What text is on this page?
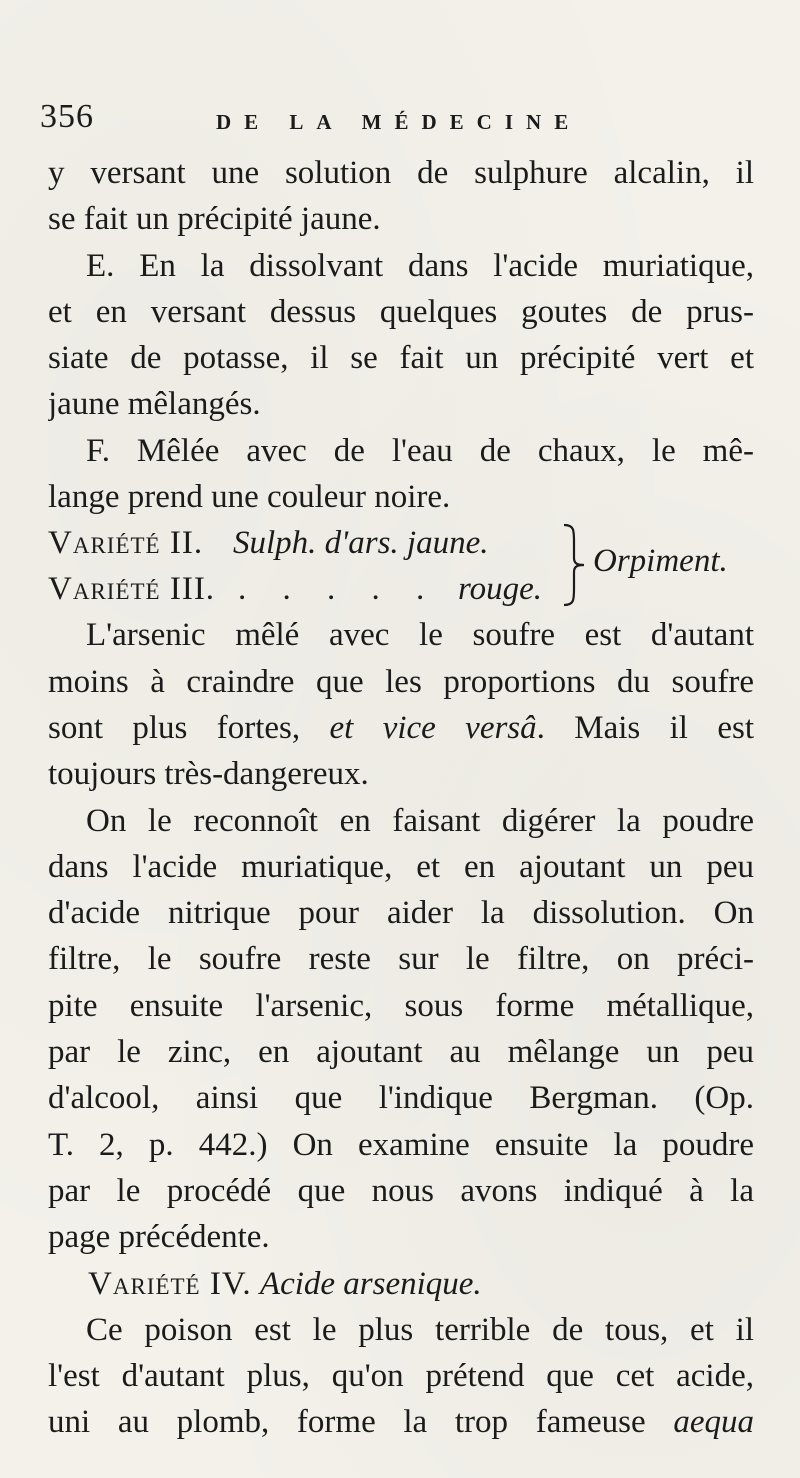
356	DE LA MÉDECINE
y versant une solution de sulphure alcalin, il
se fait un précipité jaune.
E. En la dissolvant dans l'acide muriatique,
et en versant dessus quelques goutes de prus-
siate de potasse, il se fait un précipité vert et
jaune mêlangés.
F. Mêlée avec de l'eau de chaux, le mê-
lange prend une couleur noire.
Variété II. Sulph. d'ars. jaune.
Variété III. . . . . . rouge.
Orpiment.
L'arsenic mêlé avec le soufre est d'autant
moins à craindre que les proportions du soufre
sont plus fortes, et vice versâ. Mais il est
toujours très-dangereux.
On le reconnoît en faisant digérer la poudre
dans l'acide muriatique, et en ajoutant un peu
d'acide nitrique pour aider la dissolution. On
filtre, le soufre reste sur le filtre, on préci-
pite ensuite l'arsenic, sous forme métallique,
par le zinc, en ajoutant au mêlange un peu
d'alcool, ainsi que l'indique Bergman. (Op.
T. 2, p. 442.) On examine ensuite la poudre
par le procédé que nous avons indiqué à la
page précédente.
Variété IV. Acide arsenique.
Ce poison est le plus terrible de tous, et il
l'est d'autant plus, qu'on prétend que cet acide,
uni au plomb, forme la trop fameuse aequa
